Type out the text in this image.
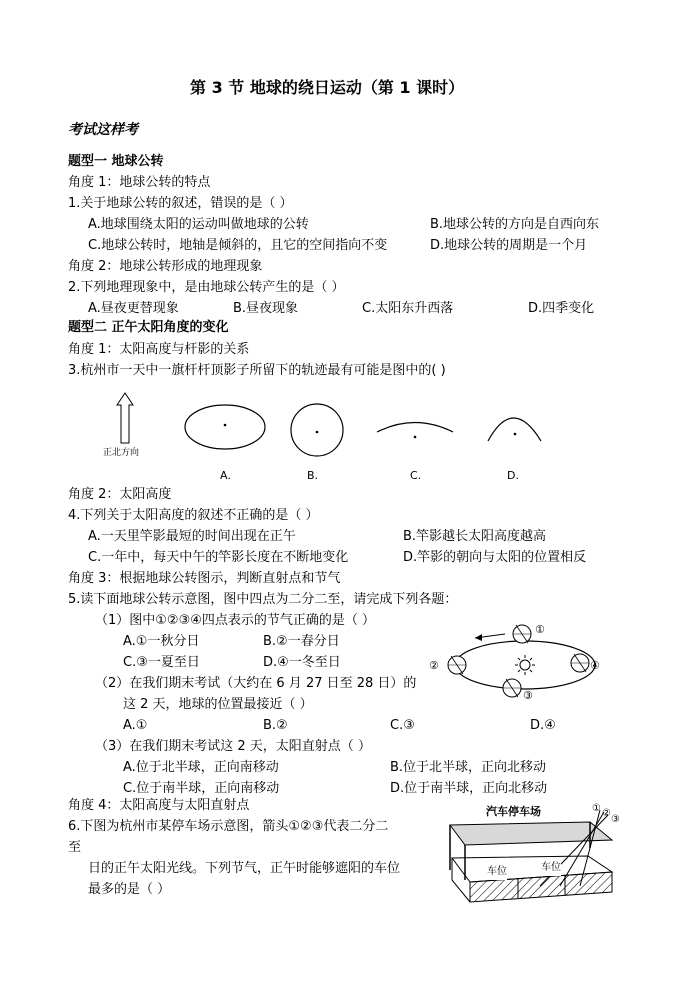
第 3 节 地球的绕日运动（第 1 课时）
考试这样考
题型一 地球公转
角度 1：地球公转的特点
1.关于地球公转的叙述，错误的是（ ）
A.地球围绕太阳的运动叫做地球的公转	B.地球公转的方向是自西向东
C.地球公转时，地轴是倾斜的，且它的空间指向不变	D.地球公转的周期是一个月
角度 2：地球公转形成的地理现象
2.下列地理现象中，是由地球公转产生的是（ ）
A.昼夜更替现象	B.昼夜现象	C.太阳东升西落	D.四季变化
题型二 正午太阳角度的变化
角度 1：太阳高度与杆影的关系
3.杭州市一天中一旗杆杆顶影子所留下的轨迹最有可能是图中的( )
正北方向
A.	B.	C.	D.
角度 2：太阳高度
4.下列关于太阳高度的叙述不正确的是（ ）
A.一天里竿影最短的时间出现在正午	B.竿影越长太阳高度越高
C.一年中，每天中午的竿影长度在不断地变化	D.竿影的朝向与太阳的位置相反
角度 3：根据地球公转图示，判断直射点和节气
5.读下面地球公转示意图，图中四点为二分二至，请完成下列各题：
（1）图中①②③④四点表示的节气正确的是（ ）
A.①一秋分日	B.②一春分日
C.③一夏至日	D.④一冬至日
（2）在我们期末考试（大约在 6 月 27 日至 28 日）的
这 2 天，地球的位置最接近（ ）
A.①	B.②	C.③	D.④
（3）在我们期末考试这 2 天，太阳直射点（ ）
A.位于北半球，正向南移动	B.位于北半球，正向北移动
C.位于南半球，正向南移动	D.位于南半球，正向北移动
①
②
③
④
角度 4：太阳高度与太阳直射点
6.下图为杭州市某停车场示意图，箭头①②③代表二分二
至
日的正午太阳光线。下列节气，正午时能够遮阳的车位
最多的是（ ）
汽车停车场	① ②
③
车位	车位
